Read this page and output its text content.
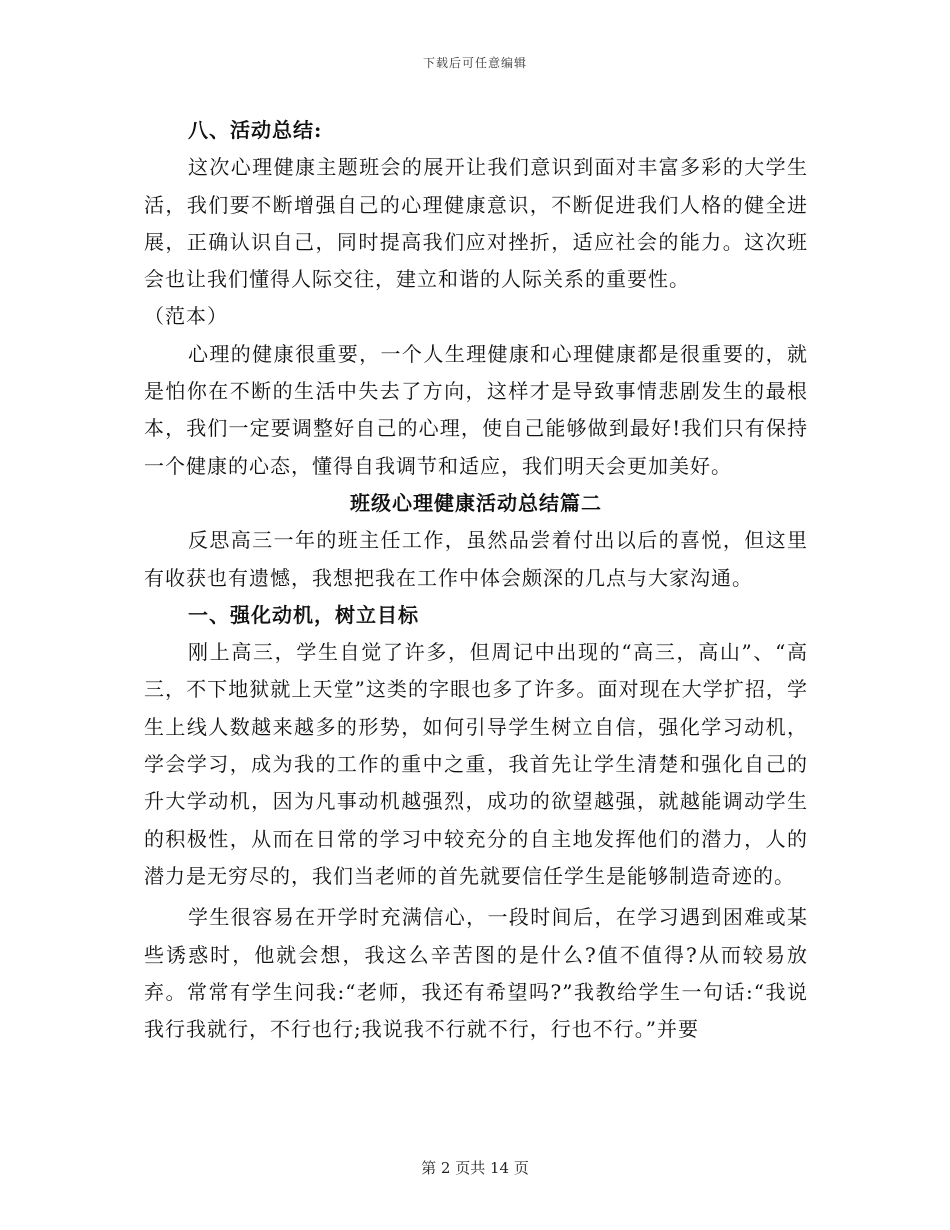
下载后可任意编辑

八、活动总结:

这次心理健康主题班会的展开让我们意识到面对丰富多彩的大学生活，我们要不断增强自己的心理健康意识，不断促进我们人格的健全进展，正确认识自己，同时提高我们应对挫折，适应社会的能力。这次班会也让我们懂得人际交往，建立和谐的人际关系的重要性。

（范本）

心理的健康很重要，一个人生理健康和心理健康都是很重要的，就是怕你在不断的生活中失去了方向，这样才是导致事情悲剧发生的最根本，我们一定要调整好自己的心理，使自己能够做到最好!我们只有保持一个健康的心态，懂得自我调节和适应，我们明天会更加美好。

班级心理健康活动总结篇二

反思高三一年的班主任工作，虽然品尝着付出以后的喜悦，但这里有收获也有遗憾，我想把我在工作中体会颇深的几点与大家沟通。

一、强化动机，树立目标

刚上高三，学生自觉了许多，但周记中出现的“高三，高山”、“高三，不下地狱就上天堂”这类的字眼也多了许多。面对现在大学扩招，学生上线人数越来越多的形势，如何引导学生树立自信，强化学习动机，学会学习，成为我的工作的重中之重，我首先让学生清楚和强化自己的升大学动机，因为凡事动机越强烈，成功的欲望越强，就越能调动学生的积极性，从而在日常的学习中较充分的自主地发挥他们的潜力，人的潜力是无穷尽的，我们当老师的首先就要信任学生是能够制造奇迹的。

学生很容易在开学时充满信心，一段时间后，在学习遇到困难或某些诱惑时，他就会想，我这么辛苦图的是什么?值不值得?从而较易放弃。常常有学生问我:“老师，我还有希望吗?”我教给学生一句话:“我说我行我就行，不行也行;我说我不行就不行，行也不行。”并要

第 2 页共 14 页
